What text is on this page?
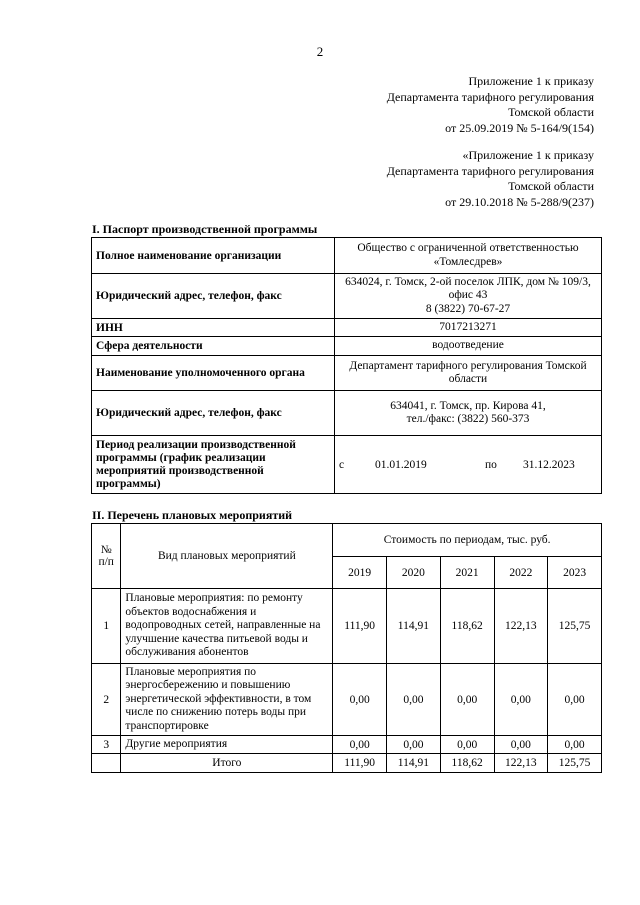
2
Приложение 1 к приказу
Департамента тарифного регулирования
Томской области
от 25.09.2019 № 5-164/9(154)
«Приложение 1 к приказу
Департамента тарифного регулирования
Томской области
от 29.10.2018 № 5-288/9(237)
I. Паспорт производственной программы
Полное наименование организации	Общество с ограниченной ответственностью
«Томлесдрев»

Юридический адрес, телефон, факс	634024, г. Томск, 2-ой поселок ЛПК, дом № 109/3,
офис 43
8 (3822) 70-67-27

ИНН	7017213271
Сфера деятельности	водоотведение
Наименование уполномоченного органа	Департамент тарифного регулирования Томской
области

Юридический адрес, телефон, факс	634041, г. Томск, пр. Кирова 41,
тел./факс: (3822) 560-373

Период реализации производственной программы (график реализации мероприятий производственной программы)	с 01.01.2019 по 31.12.2023
II. Перечень плановых мероприятий
№ п/п	Вид плановых мероприятий	Стоимость по периодам, тыс. руб.				
		2019	2020	2021	2022	2023
1	Плановые мероприятия: по ремонту объектов водоснабжения и водопроводных сетей, направленные на улучшение качества питьевой воды и обслуживания абонентов	111,90	114,91	118,62	122,13	125,75
2	Плановые мероприятия по энергосбережению и повышению энергетической эффективности, в том числе по снижению потерь воды при транспортировке	0,00	0,00	0,00	0,00	0,00
3	Другие мероприятия	0,00	0,00	0,00	0,00	0,00
	Итого	111,90	114,91	118,62	122,13	125,75
